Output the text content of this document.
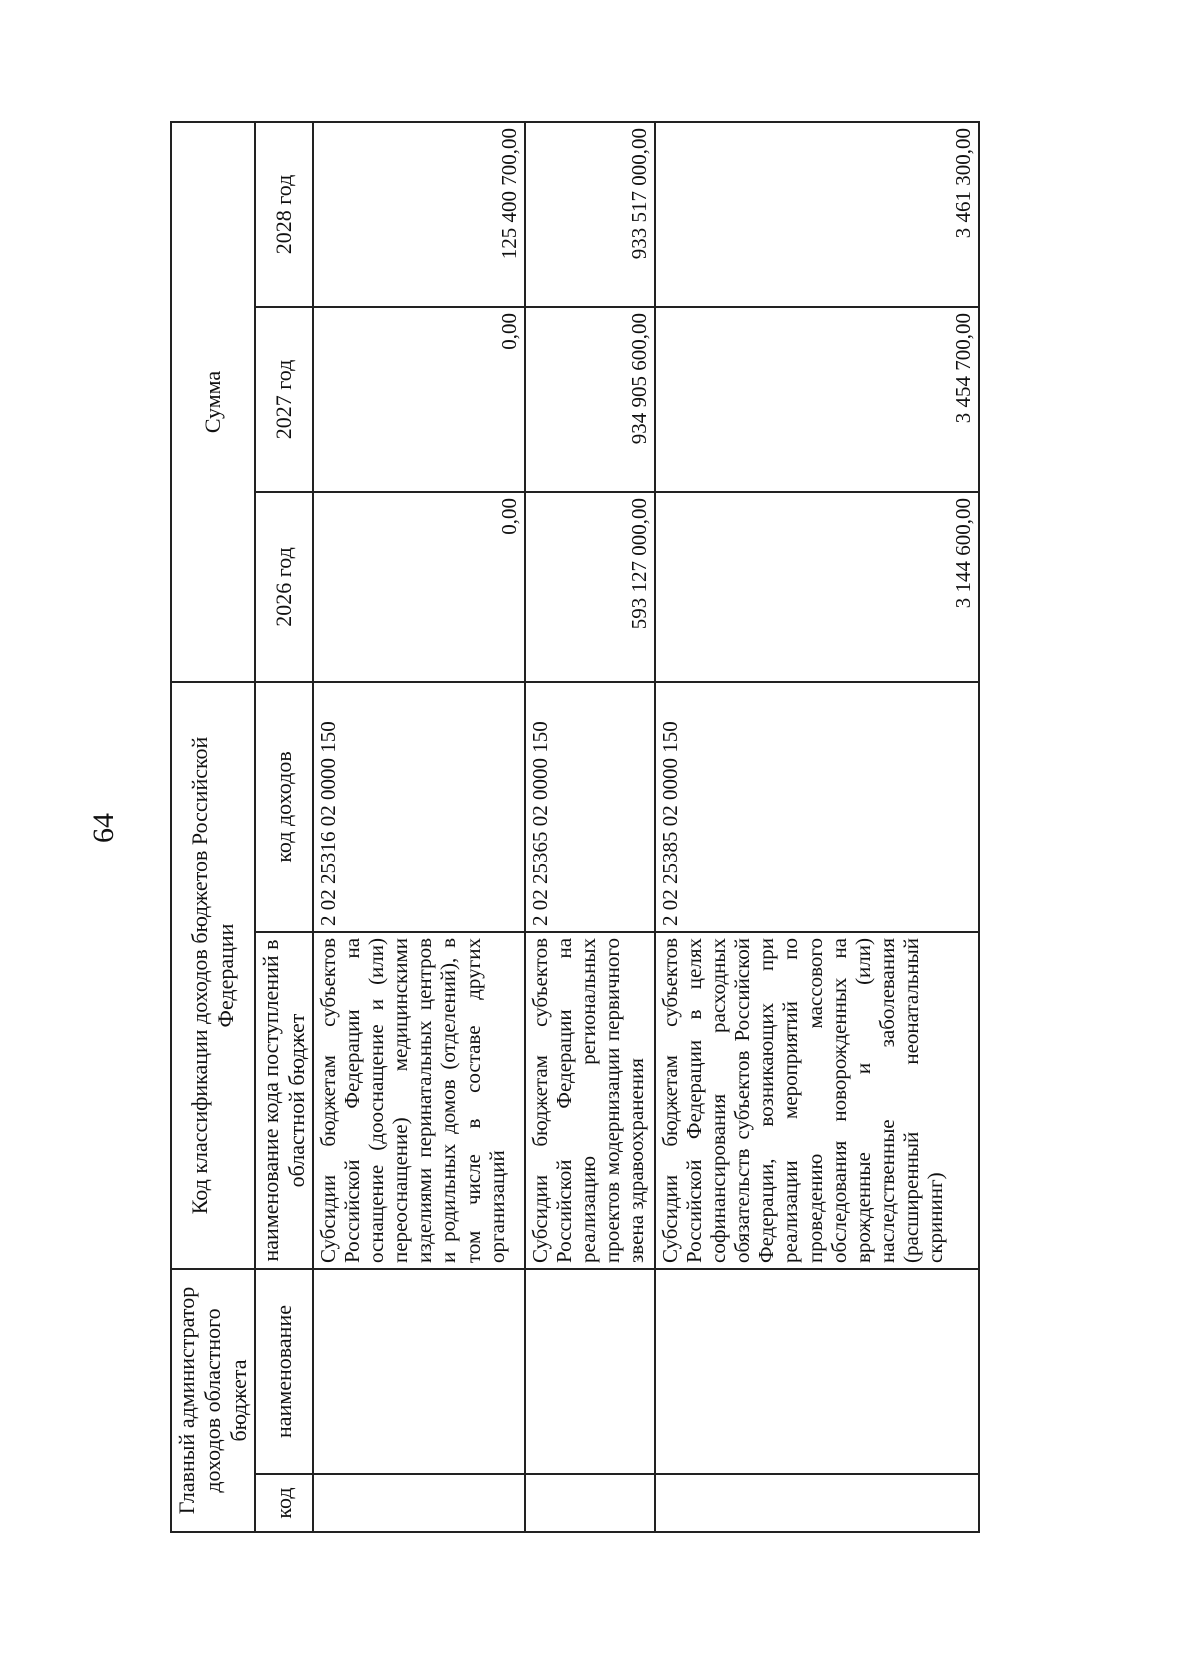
64
Главный администратор доходов областного бюджета		Код классификации доходов бюджетов Российской Федерации		Сумма		
код	наименование	наименование кода поступлений в областной бюджет	код доходов	2026 год	2027 год	2028 год
		Субсидии бюджетам субъектов Российской Федерации на оснащение (дооснащение и (или) переоснащение) медицинскими изделиями перинатальных центров и родильных домов (отделений), в том числе в составе других организаций	2 02 25316 02 0000 150	0,00	0,00	125 400 700,00
		Субсидии бюджетам субъектов Российской Федерации на реализацию региональных проектов модернизации первичного звена здравоохранения	2 02 25365 02 0000 150	593 127 000,00	934 905 600,00	933 517 000,00
		Субсидии бюджетам субъектов Российской Федерации в целях софинансирования расходных обязательств субъектов Российской Федерации, возникающих при реализации мероприятий по проведению массового обследования новорожденных на врожденные и (или) наследственные заболевания (расширенный неонатальный скрининг)	2 02 25385 02 0000 150	3 144 600,00	3 454 700,00	3 461 300,00
